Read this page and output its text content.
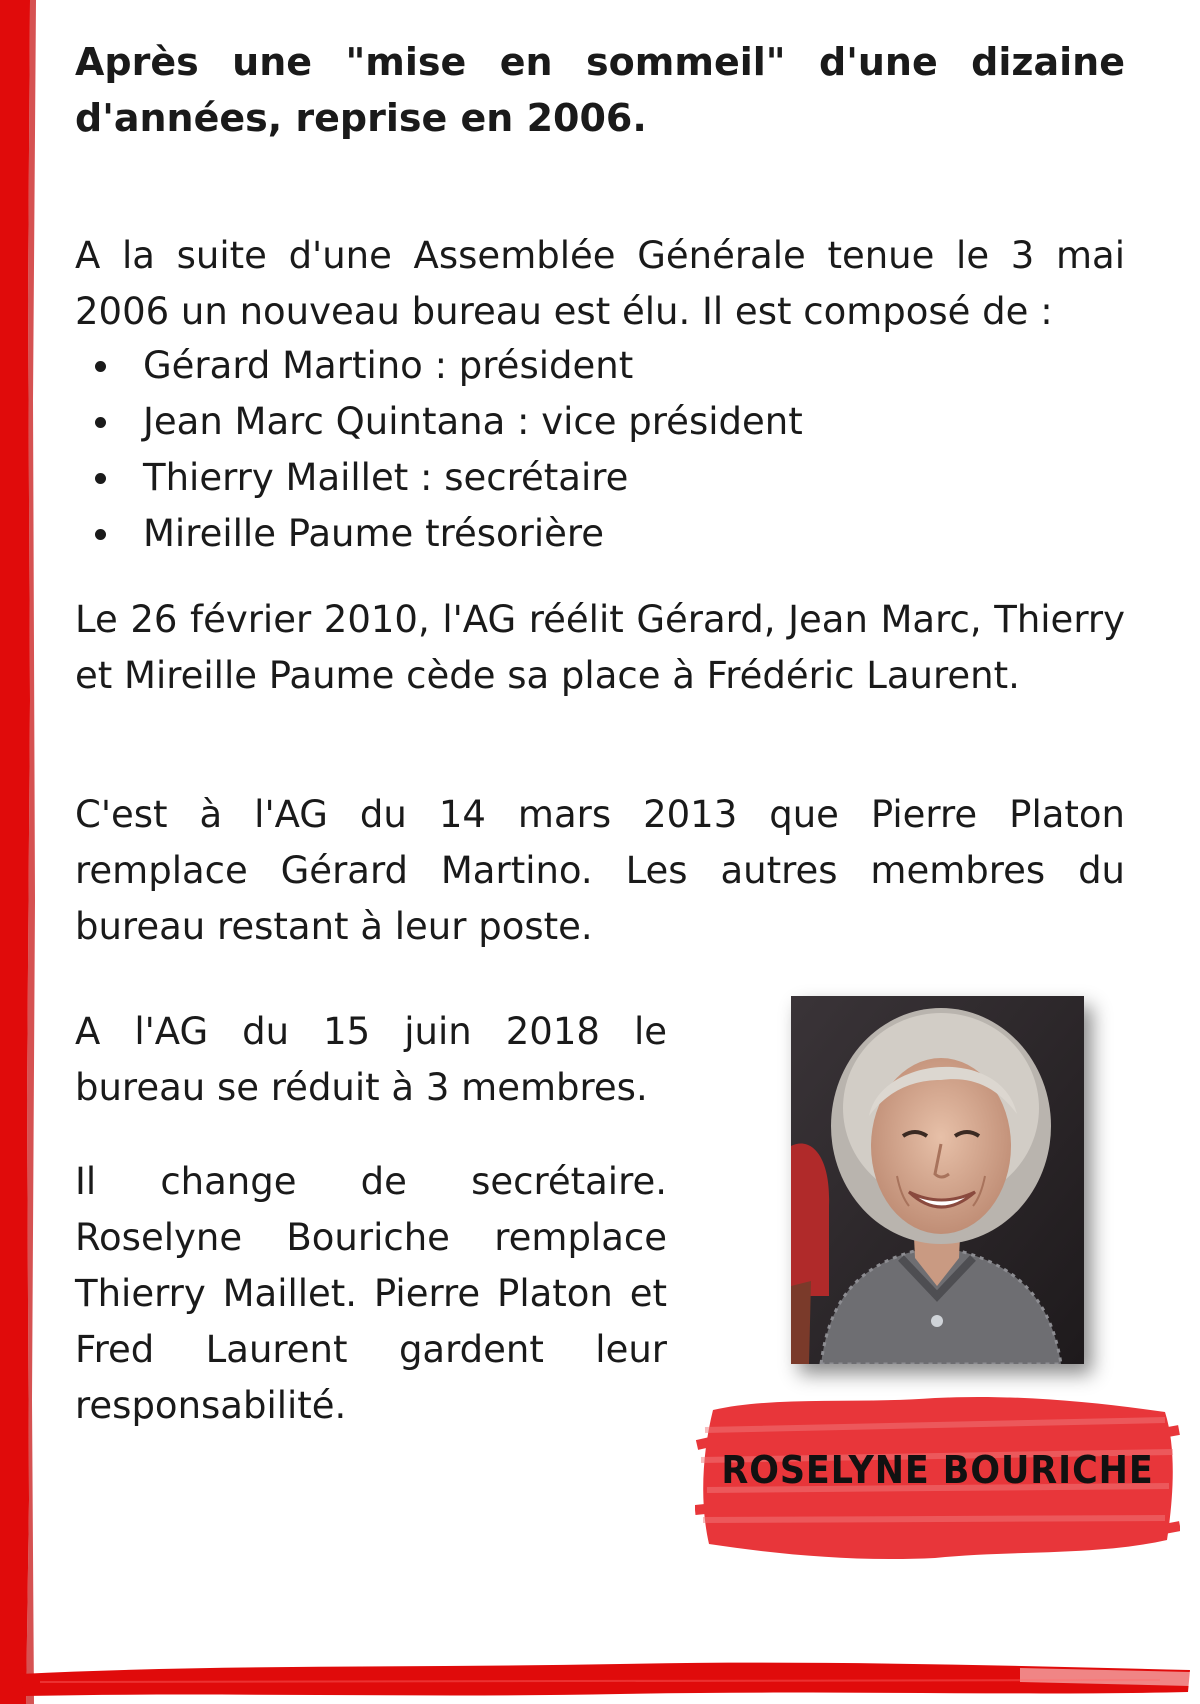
Après une "mise en sommeil" d'une dizaine d'années, reprise en 2006.
A la suite d'une Assemblée Générale tenue le 3 mai 2006 un nouveau bureau est élu. Il est composé de :
Gérard Martino : président
Jean Marc Quintana : vice président
Thierry Maillet : secrétaire
Mireille Paume trésorière
Le 26 février 2010, l'AG réélit Gérard, Jean Marc, Thierry et Mireille Paume cède sa place à Frédéric Laurent.
C'est à l'AG du 14 mars 2013 que Pierre Platon remplace Gérard Martino. Les autres membres du bureau restant à leur poste.
A l'AG du 15 juin 2018 le bureau se réduit à 3 membres.
Il change de secrétaire. Roselyne Bouriche remplace Thierry Maillet. Pierre Platon et Fred Laurent gardent leur responsabilité.
ROSELYNE BOURICHE
